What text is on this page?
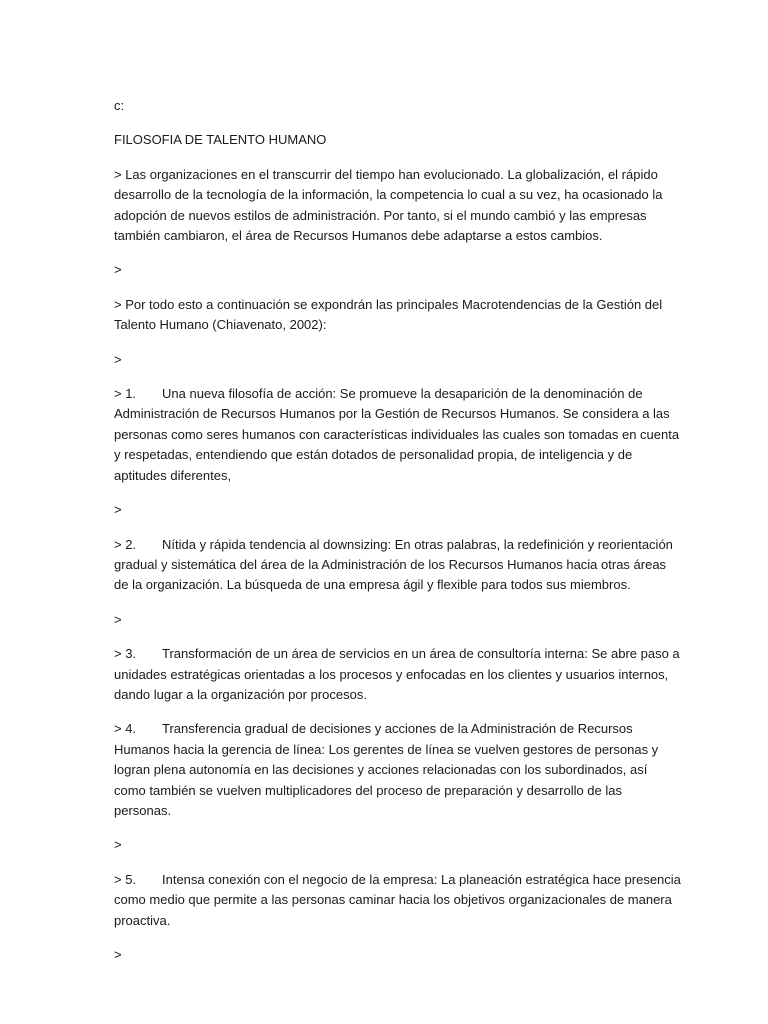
c:

FILOSOFIA DE TALENTO HUMANO

> Las organizaciones en el transcurrir del tiempo han evolucionado. La globalización, el rápido

desarrollo de la tecnología de la información, la competencia lo cual a su vez, ha ocasionado la

adopción de nuevos estilos de administración. Por tanto, si el mundo cambió y las empresas

también cambiaron, el área de Recursos Humanos debe adaptarse a estos cambios.

>

> Por todo esto a continuación se expondrán las principales Macrotendencias de la Gestión del

Talento Humano (Chiavenato, 2002):

>

> 1. Una nueva filosofía de acción: Se promueve la desaparición de la denominación de

Administración de Recursos Humanos por la Gestión de Recursos Humanos. Se considera a las

personas como seres humanos con características individuales las cuales son tomadas en cuenta

y respetadas, entendiendo que están dotados de personalidad propia, de inteligencia y de

aptitudes diferentes,

>

> 2. Nítida y rápida tendencia al downsizing: En otras palabras, la redefinición y reorientación

gradual y sistemática del área de la Administración de los Recursos Humanos hacia otras áreas

de la organización. La búsqueda de una empresa ágil y flexible para todos sus miembros.

>

> 3. Transformación de un área de servicios en un área de consultoría interna: Se abre paso a

unidades estratégicas orientadas a los procesos y enfocadas en los clientes y usuarios internos,

dando lugar a la organización por procesos.

> 4. Transferencia gradual de decisiones y acciones de la Administración de Recursos

Humanos hacia la gerencia de línea: Los gerentes de línea se vuelven gestores de personas y

logran plena autonomía en las decisiones y acciones relacionadas con los subordinados, así

como también se vuelven multiplicadores del proceso de preparación y desarrollo de las

personas.

>

> 5. Intensa conexión con el negocio de la empresa: La planeación estratégica hace presencia

como medio que permite a las personas caminar hacia los objetivos organizacionales de manera

proactiva.

>
